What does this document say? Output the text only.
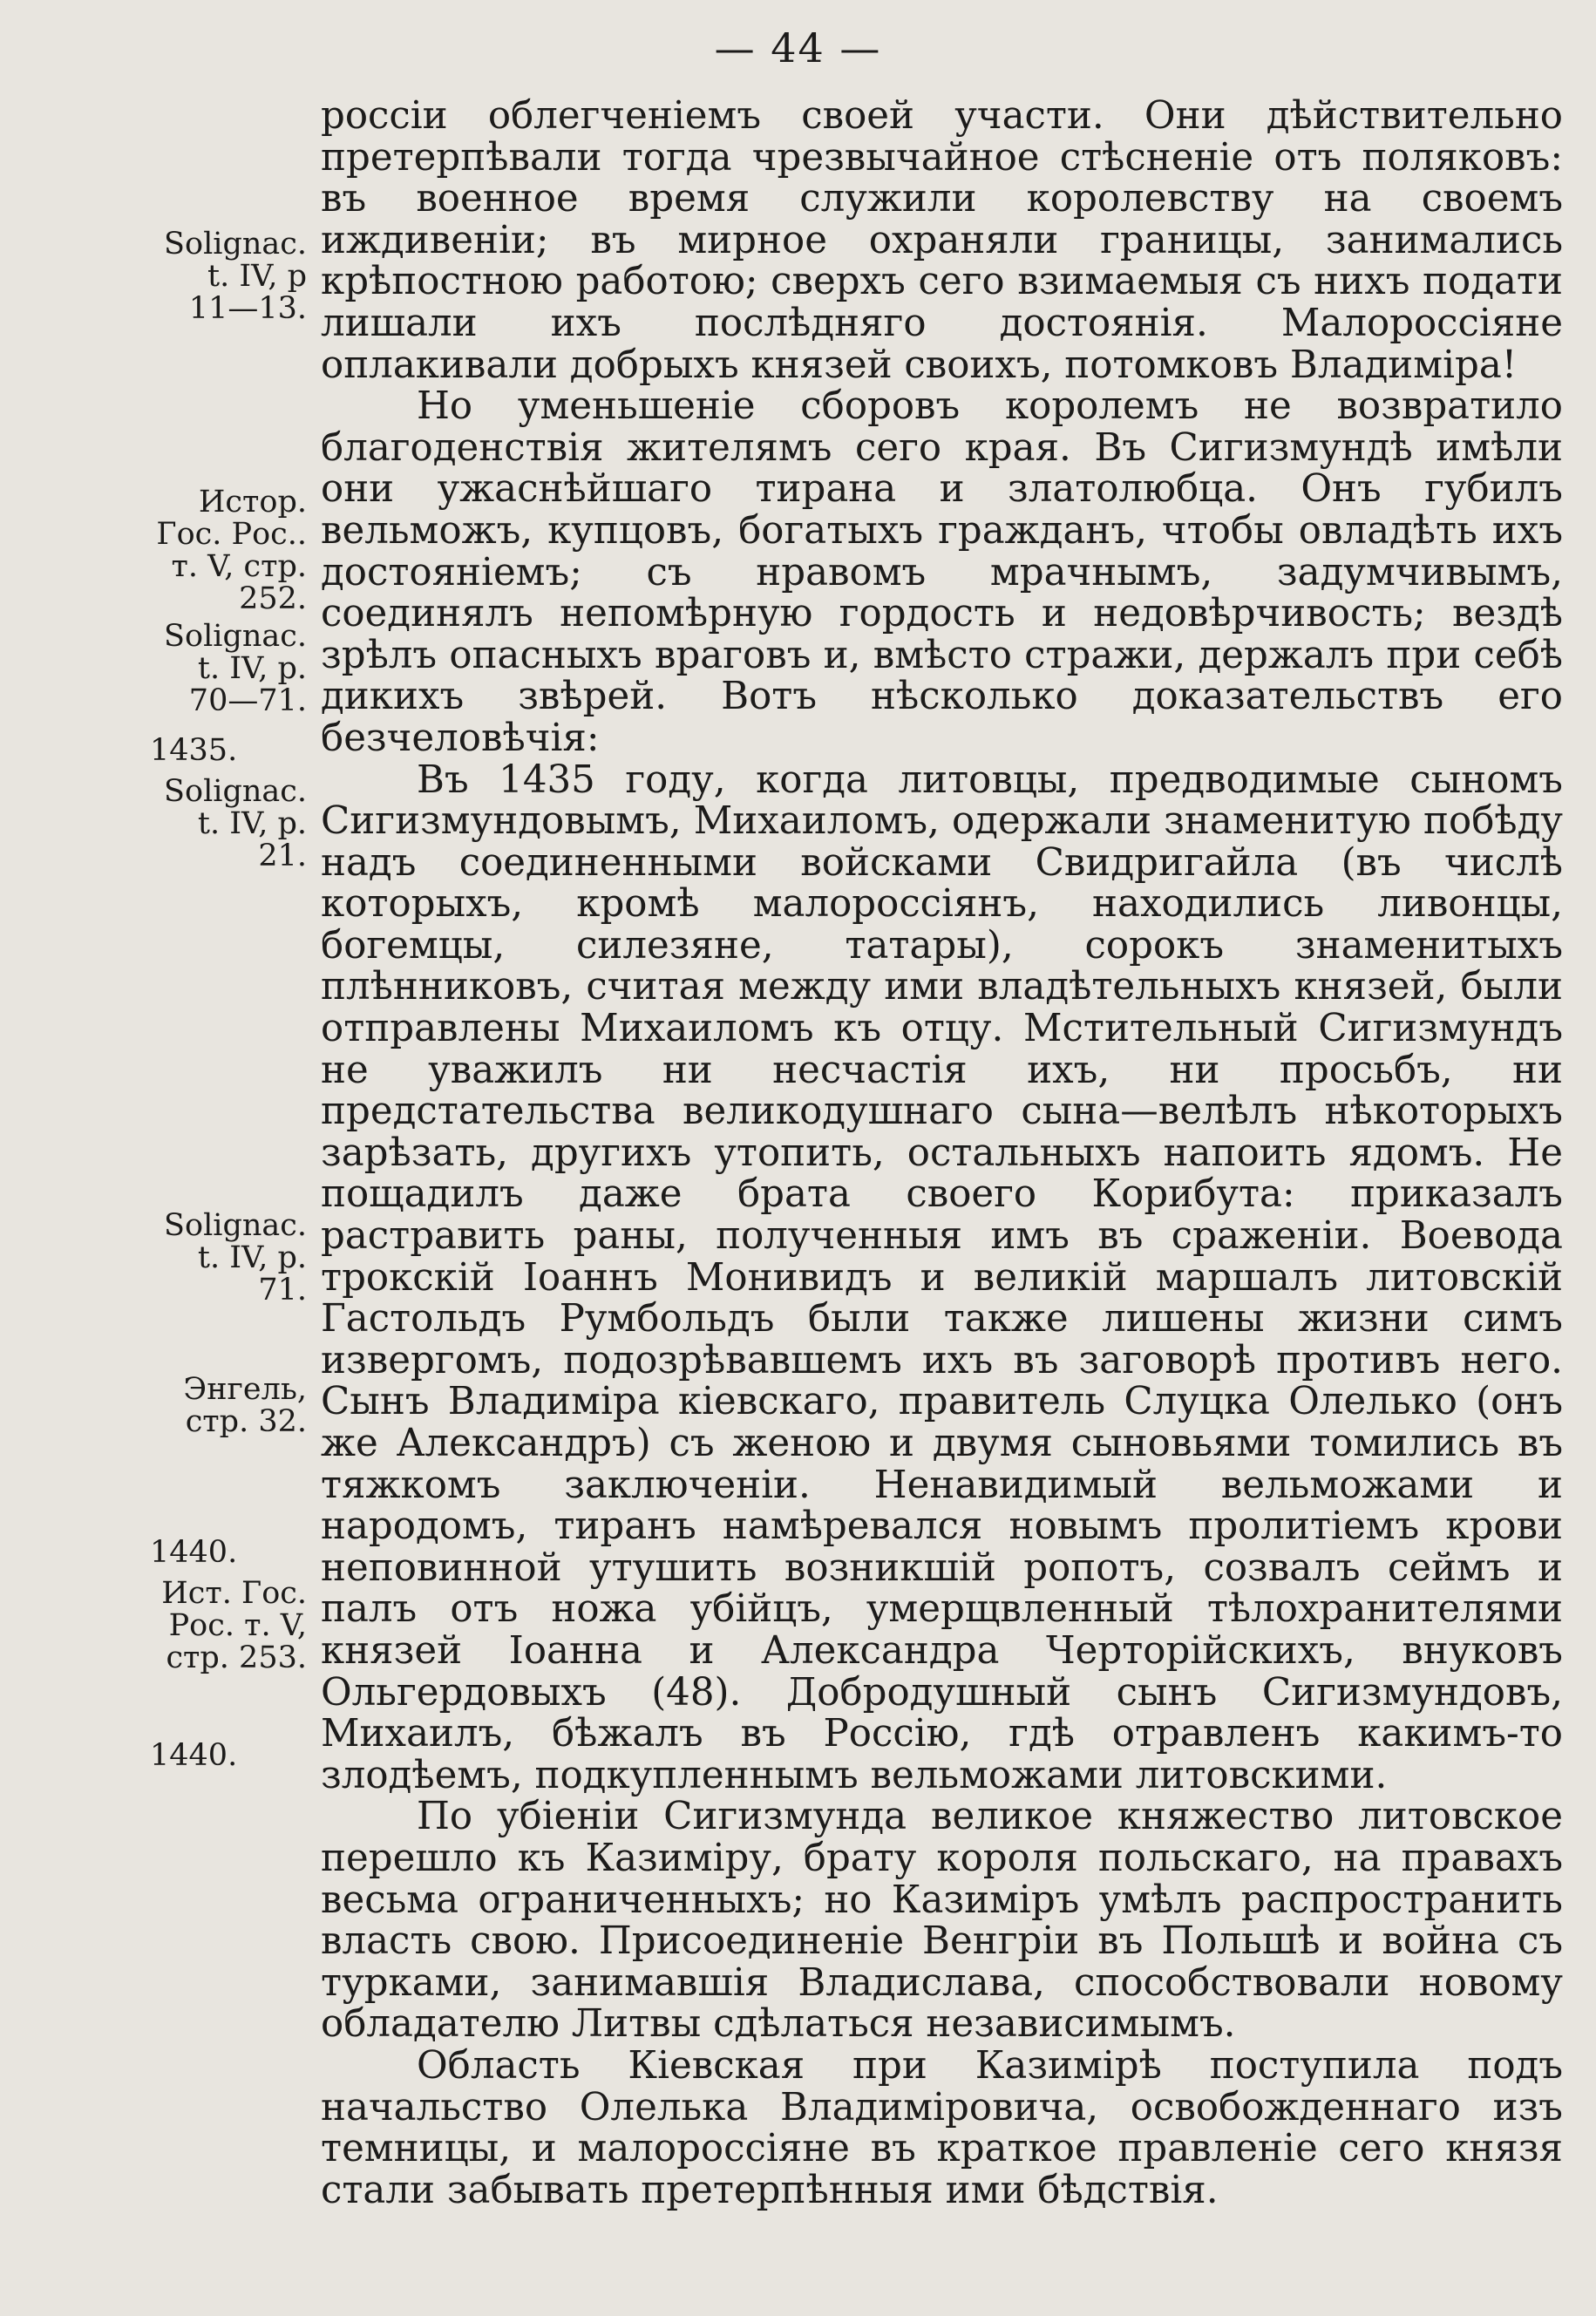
— 44 —
Solignac.
t. IV, p
11—13.
Истор.
Гос. Рос..
т. V, стр.
252.
Solignac.
t. IV, p.
70—71.
1435.
Solignac.
t. IV, p.
21.
Solignac.
t. IV, p.
71.
Энгель,
стр. 32.
1440.
Ист. Гос.
Рос. т. V,
стр. 253.
1440.

россіи облегченіемъ своей участи. Они дѣйствительно претерпѣвали тогда чрезвычайное стѣсненіе отъ поляковъ: въ военное время служили королевству на своемъ иждивеніи; въ мирное охраняли границы, занимались крѣпостною работою; сверхъ сего взимаемыя съ нихъ подати лишали ихъ послѣдняго достоянія. Малороссіяне оплакивали добрыхъ князей своихъ, потомковъ Владиміра!

Но уменьшеніе сборовъ королемъ не возвратило благоденствія жителямъ сего края. Въ Сигизмундѣ имѣли они ужаснѣйшаго тирана и златолюбца. Онъ губилъ вельможъ, купцовъ, богатыхъ гражданъ, чтобы овладѣть ихъ достояніемъ; съ нравомъ мрачнымъ, задумчивымъ, соединялъ непомѣрную гордость и недовѣрчивость; вездѣ зрѣлъ опасныхъ враговъ и, вмѣсто стражи, держалъ при себѣ дикихъ звѣрей. Вотъ нѣсколько доказательствъ его безчеловѣчія:

Въ 1435 году, когда литовцы, предводимые сыномъ Сигизмундовымъ, Михаиломъ, одержали знаменитую побѣду надъ соединенными войсками Свидригайла (въ числѣ которыхъ, кромѣ малороссіянъ, находились ливонцы, богемцы, силезяне, татары), сорокъ знаменитыхъ плѣнниковъ, считая между ими владѣтельныхъ князей, были отправлены Михаиломъ къ отцу. Мстительный Сигизмундъ не уважилъ ни несчастія ихъ, ни просьбъ, ни предстательства великодушнаго сына—велѣлъ нѣкоторыхъ зарѣзать, другихъ утопить, остальныхъ напоить ядомъ. Не пощадилъ даже брата своего Корибута: приказалъ растравить раны, полученныя имъ въ сраженіи. Воевода трокскій Іоаннъ Монивидъ и великій маршалъ литовскій Гастольдъ Румбольдъ были также лишены жизни симъ извергомъ, подозрѣвавшемъ ихъ въ заговорѣ противъ него. Сынъ Владиміра кіевскаго, правитель Слуцка Олелько (онъ же Александръ) съ женою и двумя сыновьями томились въ тяжкомъ заключеніи. Ненавидимый вельможами и народомъ, тиранъ намѣревался новымъ пролитіемъ крови неповинной утушить возникшій ропотъ, созвалъ сеймъ и палъ отъ ножа убійцъ, умерщвленный тѣлохранителями князей Іоанна и Александра Черторійскихъ, внуковъ Ольгердовыхъ (48). Добродушный сынъ Сигизмундовъ, Михаилъ, бѣжалъ въ Россію, гдѣ отравленъ какимъ-то злодѣемъ, подкупленнымъ вельможами литовскими.

По убіеніи Сигизмунда великое княжество литовское перешло къ Казиміру, брату короля польскаго, на правахъ весьма ограниченныхъ; но Казиміръ умѣлъ распространить власть свою. Присоединеніе Венгріи въ Польшѣ и война съ турками, занимавшія Владислава, способствовали новому обладателю Литвы сдѣлаться независимымъ.

Область Кіевская при Казимірѣ поступила подъ начальство Олелька Владиміровича, освобожденнаго изъ темницы, и малороссіяне въ краткое правленіе сего князя стали забывать претерпѣнныя ими бѣдствія.
